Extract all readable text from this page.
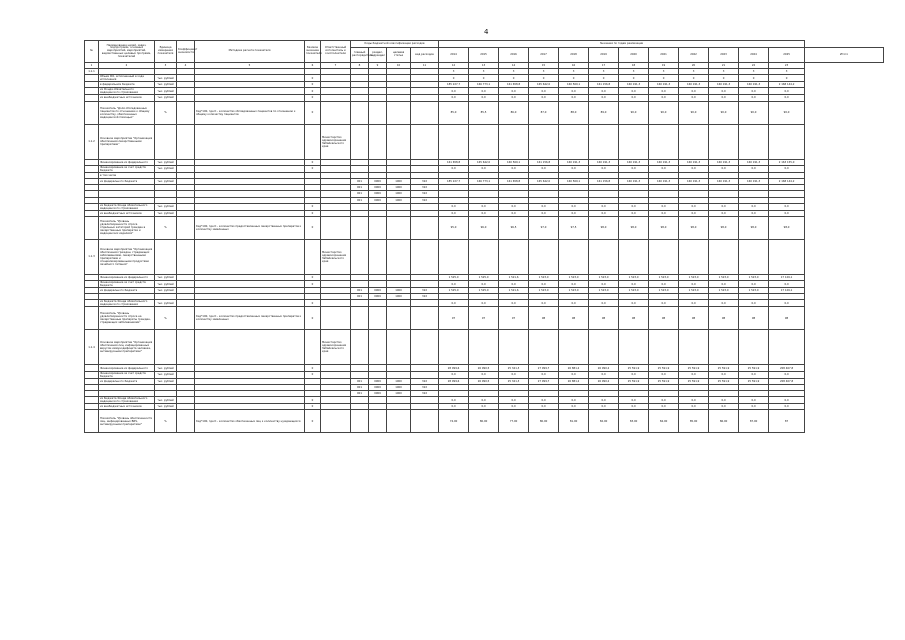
4
№	Наименование целей, задач, подпрограмм, основных мероприятий, мероприятий, ведомственных целевых программ, показателей	Единица измерения показателя	Коэффициент значимости	Методика расчета показателя	Базовое значение показателя	Ответственный исполнитель и соисполнители	Коды бюджетной классификации расходов				Значения по годам реализации												
							главный распорядитель	раздел, подраздел	целевая статья	вид расходов	2014	2015	2016	2017	2018	2019	2020	2021	2022	2023	2024	2025	Итого
1	2	3	4	5	6	7	8	9	10	11	12	13	14	15	16	17	18	19	20	21	22	23	
1.1.1											3	3	3	3	3	3	3	3	3	3	3	3	
	Объем ФО, исполненный в ходе исполнения	тыс. рублей			0						0	0	0	0	0	0	0	0	0	0	0	0	
	в федеральном бюджете	тыс. рублей			0						185 227,7	166 773,1	161 658,8	165 642,0	160 569,1	161 156,8	160 191,3	160 191,3	160 191,3	160 191,3	160 191,3	2 168 144,2	
	из Фонда обязательного медицинского страхования	тыс. рублей			0						0,0	0,0	0,0	0,0	0,0	0,0	0,0	0,0	0,0	0,0	0,0	0,0	
	из внебюджетных источников	тыс. рублей			0						0,0	0,0	0,0	0,0	0,0	0,0	0,0	0,0	0,0	0,0	0,0	0,0	
	Показатель "Доля обследованных пациентов по отношению к общему количеству, обеспеченных медицинской помощью"	%		Кзд*100, где К - количество обследованных пациентов по отношению к общему количеству пациентов	0						85,0	85,5	86,0	87,0	88,0	89,0	90,0	90,0	90,0	90,0	90,0	90,0	
1.1.2	Основное мероприятие "Организация обеспечения лекарственными препаратами"					Министерство здравоохранения Забайкальского края																	
	Финансирование из федерального	тыс. рублей			0						161 658,8	165 642,0	160 569,1	161 156,8	160 191,3	160 191,3	160 191,3	160 191,3	160 191,3	160 191,3	160 191,3	2 163 155,0	
	Финансирование за счет средств бюджета	тыс. рублей			0						0,0	0,0	0,0	0,0	0,0	0,0	0,0	0,0	0,0	0,0	0,0	0,0	
	в том числе																						
	из федерального бюджета	тыс. рублей					001	0909	1000	322	185 227,7	166 773,1	161 658,8	165 642,0	160 569,1	161 156,8	160 191,3	160 191,3	160 191,3	160 191,3	160 191,3	2 168 144,2	
							001	0909	1000	322													
							001	0909	1000	322													
							001	0909	1000	322													
	из бюджета Фонда обязательного медицинского страхования	тыс. рублей			0						0,0	0,0	0,0	0,0	0,0	0,0	0,0	0,0	0,0	0,0	0,0	0,0	
	из внебюджетных источников	тыс. рублей			0						0,0	0,0	0,0	0,0	0,0	0,0	0,0	0,0	0,0	0,0	0,0	0,0	
	Показатель "Уровень удовлетворенности спроса отдельных категорий граждан в лекарственных препаратах и медицинских изделиях"	%		Кзд*100, где К - количество предоставленных лекарственных препаратов к количеству заявленных	0						95,0	96,0	96,5	97,0	97,5	98,0	98,0	98,0	98,0	98,0	98,0	98,0	
1.1.3	Основное мероприятие "Организация обеспечения граждан, страдающих заболеваниями, лекарственными препаратами и специализированными продуктами лечебного питания"					Министерство здравоохранения Забайкальского края																	
	Финансирование из федерального	тыс. рублей			0						1 525,0	1 525,0	1 521,6	1 523,0	1 523,0	1 523,0	1 523,0	1 523,0	1 523,0	1 523,0	1 523,0	17 126,1	
	Финансирование за счет средств бюджета	тыс. рублей			0						0,0	0,0	0,0	0,0	0,0	0,0	0,0	0,0	0,0	0,0	0,0	0,0	
	из федерального бюджета	тыс. рублей					001	0909	1000	322	1 525,0	1 525,0	1 521,6	1 523,0	1 523,0	1 523,0	1 523,0	1 523,0	1 523,0	1 523,0	1 523,0	17 126,1	
							001	0909	1000	322													
	из бюджета Фонда обязательного медицинского страхования	тыс. рублей			0						0,0	0,0	0,0	0,0	0,0	0,0	0,0	0,0	0,0	0,0	0,0	0,0	
	Показатель "Уровень удовлетворенности спроса на лекарственные препараты граждан, страдающих заболеваниями"	%		Кзд*100, где К - количество предоставленных лекарственных препаратов к количеству заявленных	0						97	97	97	98	98	98	98	98	98	98	98	98	
1.1.4	Основное мероприятие "Организация обеспечения лиц, инфицированных вирусом иммунодефицита человека, антивирусными препаратами"					Министерство здравоохранения Забайкальского края																	
	Финансирование из федерального	тыс. рублей			0						28 099,6	26 990,5	25 341,3	27 999,7	26 881,2	26 990,2	25 591,9	25 591,9	25 591,9	25 591,9	25 591,9	208 467,8	
	Финансирование за счет средств бюджета	тыс. рублей			0						0,0	0,0	0,0	0,0	0,0	0,0	0,0	0,0	0,0	0,0	0,0	0,0	
	из федерального бюджета	тыс. рублей					001	0909	1000	322	28 099,6	26 990,5	25 341,3	27 999,7	26 881,2	26 990,2	25 591,9	25 591,9	25 591,9	25 591,9	25 591,9	208 467,8	
							001	0909	1000	322													
							001	0909	1000	322													
	из бюджета Фонда обязательного медицинского страхования	тыс. рублей			0						0,0	0,0	0,0	0,0	0,0	0,0	0,0	0,0	0,0	0,0	0,0	0,0	
	из внебюджетных источников	тыс. рублей			0						0,0	0,0	0,0	0,0	0,0	0,0	0,0	0,0	0,0	0,0	0,0	0,0	
	Показатель "Уровень обеспеченности лиц, инфицированных ВИЧ, антивирусными препаратами"	%		Кзд*100, где К - количество обеспеченных лиц к количеству нуждающихся	0						74,00	80,00	77,00	80,00	81,00	82,00	83,00	84,00	85,00	86,00	87,00	87	
